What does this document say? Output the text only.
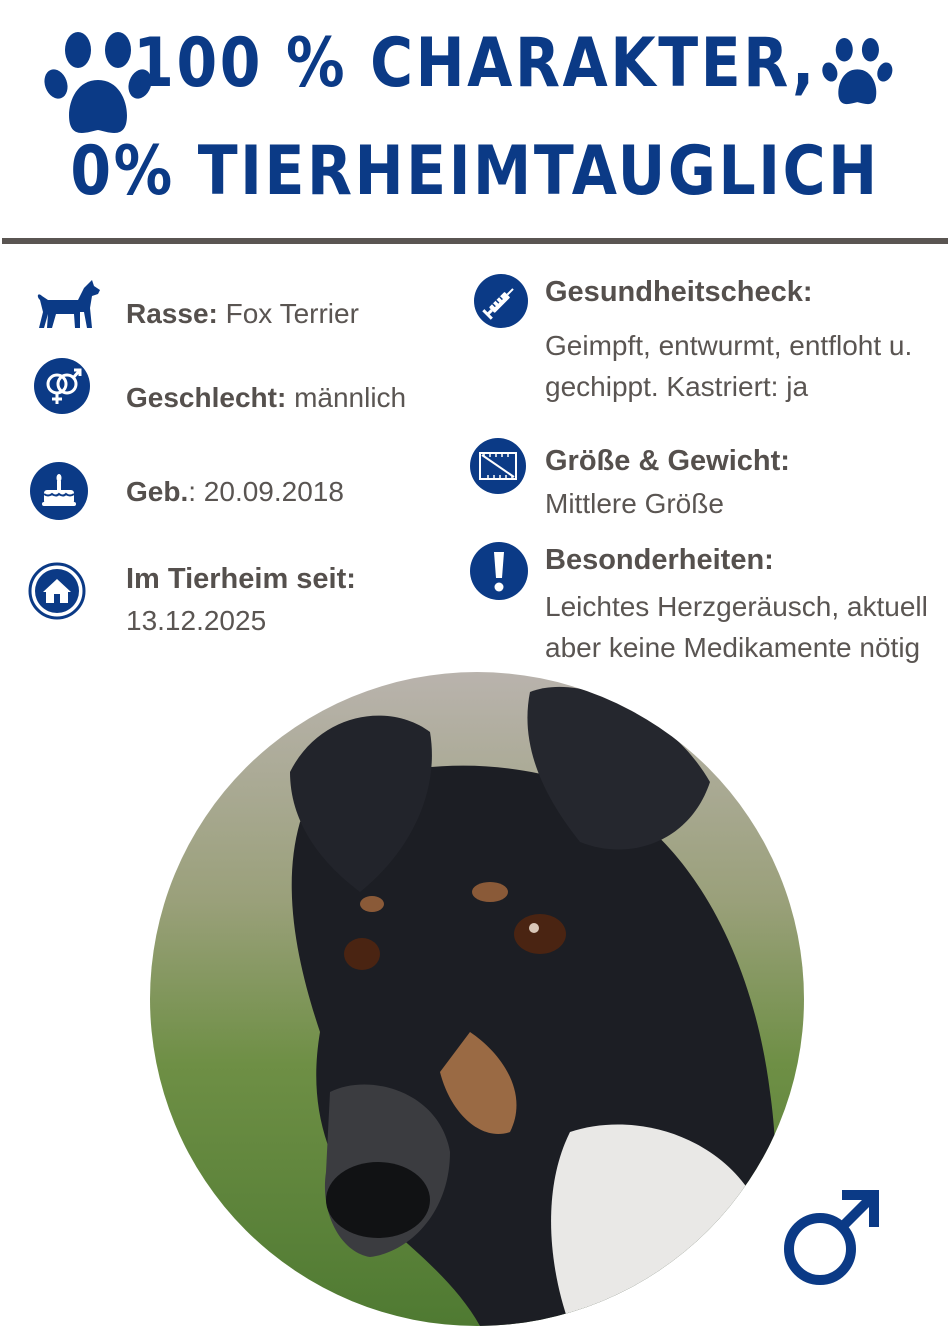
100 % CHARAKTER,
0% TIERHEIMTAUGLICH
Rasse: Fox Terrier
Geschlecht: männlich
Geb.: 20.09.2018
Im Tierheim seit:
13.12.2025
Gesundheitscheck:
Geimpft, entwurmt, entfloht u.
gechippt. Kastriert: ja
Größe & Gewicht:
Mittlere Größe
Besonderheiten:
Leichtes Herzgeräusch, aktuell
aber keine Medikamente nötig
